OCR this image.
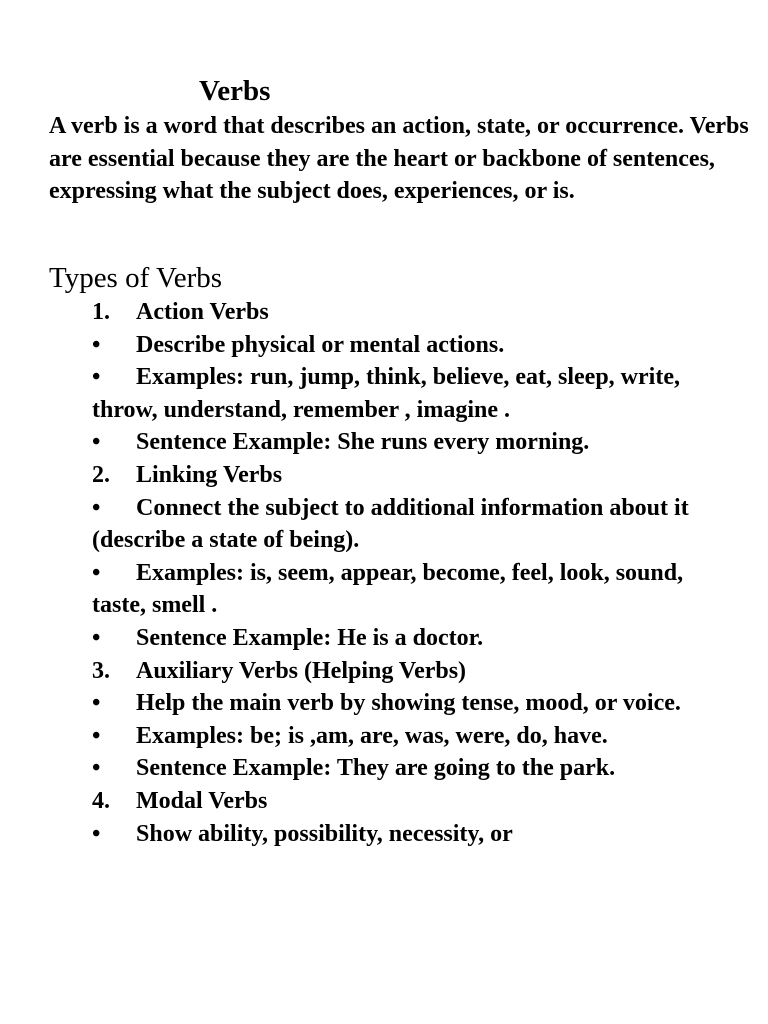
Verbs

A verb is a word that describes an action, state, or occurrence. Verbs are essential because they are the heart or backbone of sentences, expressing what the subject does, experiences, or is.

Types of Verbs
1. Action Verbs
• Describe physical or mental actions.
• Examples: run, jump, think, believe, eat, sleep, write, throw, understand, remember , imagine .
• Sentence Example: She runs every morning.
2. Linking Verbs
• Connect the subject to additional information about it (describe a state of being).
• Examples: is, seem, appear, become, feel, look, sound, taste, smell .
• Sentence Example: He is a doctor.
3. Auxiliary Verbs (Helping Verbs)
• Help the main verb by showing tense, mood, or voice.
• Examples: be; is ,am, are, was, were, do, have.
• Sentence Example: They are going to the park.
4. Modal Verbs
• Show ability, possibility, necessity, or
